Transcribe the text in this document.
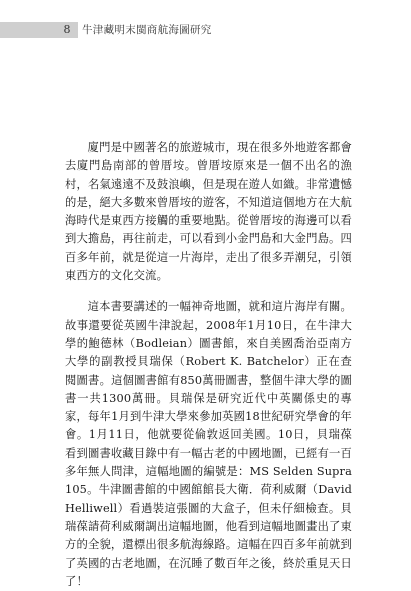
8	牛津藏明末閩商航海圖研究

廈門是中國著名的旅遊城市，現在很多外地遊客都會去廈門島南部的曾厝垵。曾厝垵原來是一個不出名的漁村，名氣遠遠不及鼓浪嶼，但是現在遊人如織。非常遺憾的是，絕大多數來曾厝垵的遊客，不知道這個地方在大航海時代是東西方接觸的重要地點。從曾厝垵的海邊可以看到大擔島，再往前走，可以看到小金門島和大金門島。四百多年前，就是從這一片海岸，走出了很多弄潮兒，引領東西方的文化交流。

這本書要講述的一幅神奇地圖，就和這片海岸有關。故事還要從英國牛津說起，2008年1月10日，在牛津大學的鮑德林（Bodleian）圖書館，來自美國喬治亞南方大學的副教授貝瑞保（Robert K. Batchelor）正在查閱圖書。這個圖書館有850萬冊圖書，整個牛津大學的圖書一共1300萬冊。貝瑞保是研究近代中英關係史的專家，每年1月到牛津大學來參加英國18世紀研究學會的年會。1月11日，他就要從倫敦返回美國。10日，貝瑞葆看到圖書收藏目錄中有一幅古老的中國地圖，已經有一百多年無人問津，這幅地圖的編號是：MS Selden Supra 105。牛津圖書館的中國館館長大衛．荷利威爾（David Helliwell）看過裝這張圖的大盒子，但未仔細檢查。貝瑞葆請荷利威爾調出這幅地圖，他看到這幅地圖畫出了東方的全貌，還標出很多航海線路。這幅在四百多年前就到了英國的古老地圖，在沉睡了數百年之後，終於重見天日了！
